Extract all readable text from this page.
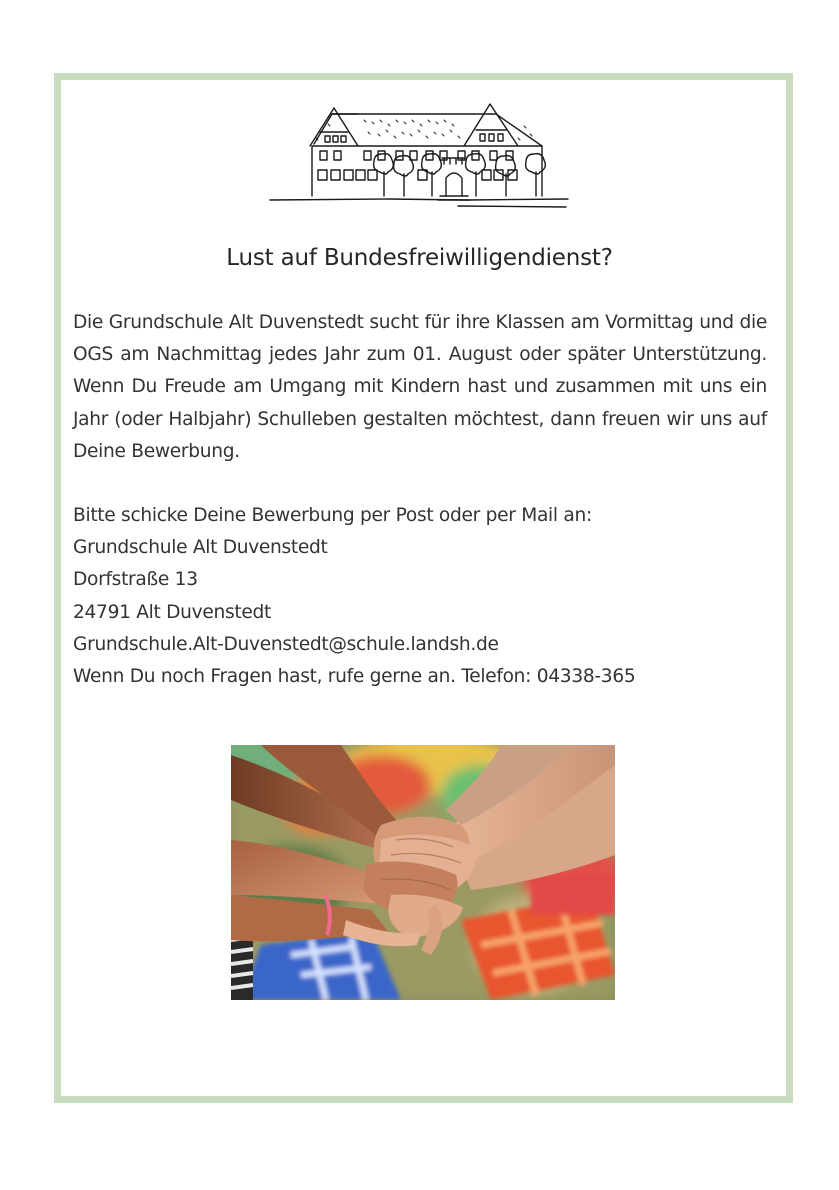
Lust auf Bundesfreiwilligendienst?

Die Grundschule Alt Duvenstedt sucht für ihre Klassen am Vormittag und die OGS am Nachmittag jedes Jahr zum 01. August oder später Unterstützung. Wenn Du Freude am Umgang mit Kindern hast und zusammen mit uns ein Jahr (oder Halbjahr) Schulleben gestalten möchtest, dann freuen wir uns auf Deine Bewerbung.

Bitte schicke Deine Bewerbung per Post oder per Mail an:
Grundschule Alt Duvenstedt
Dorfstraße 13
24791 Alt Duvenstedt
Grundschule.Alt-Duvenstedt@schule.landsh.de
Wenn Du noch Fragen hast, rufe gerne an. Telefon: 04338-365
